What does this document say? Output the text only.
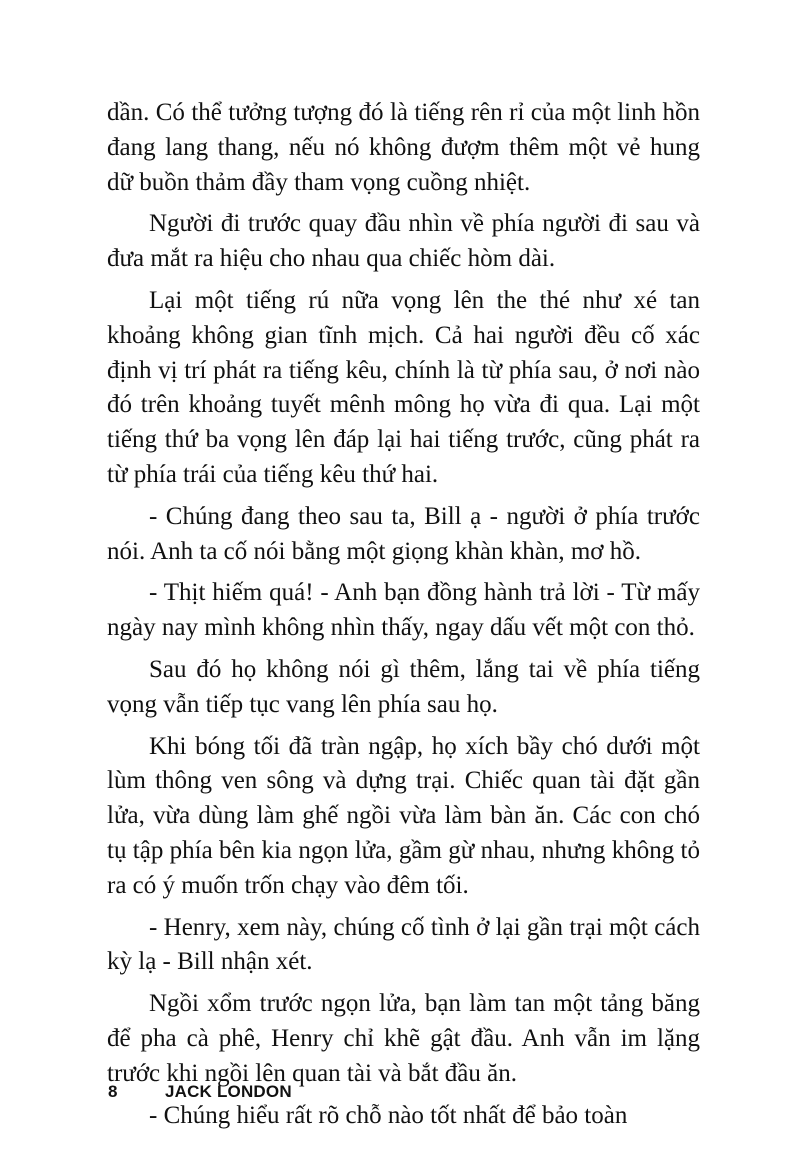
dần. Có thể tưởng tượng đó là tiếng rên rỉ của một linh hồn đang lang thang, nếu nó không đượm thêm một vẻ hung dữ buồn thảm đầy tham vọng cuồng nhiệt.

Người đi trước quay đầu nhìn về phía người đi sau và đưa mắt ra hiệu cho nhau qua chiếc hòm dài.

Lại một tiếng rú nữa vọng lên the thé như xé tan khoảng không gian tĩnh mịch. Cả hai người đều cố xác định vị trí phát ra tiếng kêu, chính là từ phía sau, ở nơi nào đó trên khoảng tuyết mênh mông họ vừa đi qua. Lại một tiếng thứ ba vọng lên đáp lại hai tiếng trước, cũng phát ra từ phía trái của tiếng kêu thứ hai.

- Chúng đang theo sau ta, Bill ạ - người ở phía trước nói. Anh ta cố nói bằng một giọng khàn khàn, mơ hồ.

- Thịt hiếm quá! - Anh bạn đồng hành trả lời - Từ mấy ngày nay mình không nhìn thấy, ngay dấu vết một con thỏ.

Sau đó họ không nói gì thêm, lắng tai về phía tiếng vọng vẫn tiếp tục vang lên phía sau họ.

Khi bóng tối đã tràn ngập, họ xích bầy chó dưới một lùm thông ven sông và dựng trại. Chiếc quan tài đặt gần lửa, vừa dùng làm ghế ngồi vừa làm bàn ăn. Các con chó tụ tập phía bên kia ngọn lửa, gầm gừ nhau, nhưng không tỏ ra có ý muốn trốn chạy vào đêm tối.

- Henry, xem này, chúng cố tình ở lại gần trại một cách kỳ lạ - Bill nhận xét.

Ngồi xổm trước ngọn lửa, bạn làm tan một tảng băng để pha cà phê, Henry chỉ khẽ gật đầu. Anh vẫn im lặng trước khi ngồi lên quan tài và bắt đầu ăn.

- Chúng hiểu rất rõ chỗ nào tốt nhất để bảo toàn

8	JACK LONDON
